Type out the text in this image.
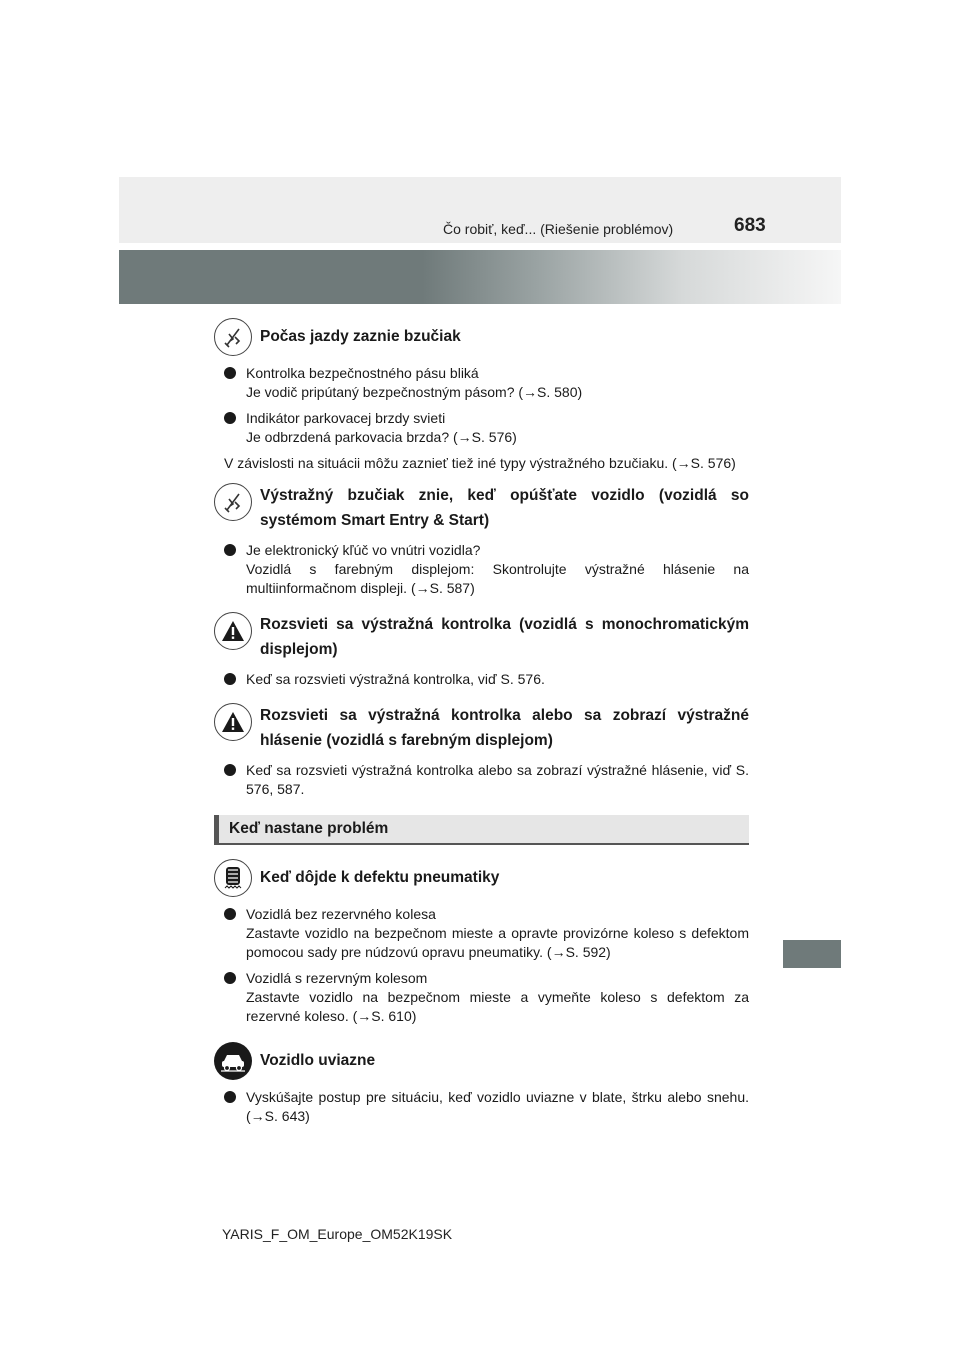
Čo robiť, keď... (Riešenie problémov)	683
Počas jazdy zaznie bzučiak
Kontrolka bezpečnostného pásu bliká
Je vodič pripútaný bezpečnostným pásom? (→S. 580)
Indikátor parkovacej brzdy svieti
Je odbrzdená parkovacia brzda? (→S. 576)
V závislosti na situácii môžu zaznieť tiež iné typy výstražného bzučiaku. (→S. 576)
Výstražný bzučiak znie, keď opúšťate vozidlo (vozidlá so systémom Smart Entry & Start)
Je elektronický kľúč vo vnútri vozidla?
Vozidlá s farebným displejom: Skontrolujte výstražné hlásenie na multiinformačnom displeji. (→S. 587)
Rozsvieti sa výstražná kontrolka (vozidlá s monochromatickým displejom)
Keď sa rozsvieti výstražná kontrolka, viď S. 576.
Rozsvieti sa výstražná kontrolka alebo sa zobrazí výstražné hlásenie (vozidlá s farebným displejom)
Keď sa rozsvieti výstražná kontrolka alebo sa zobrazí výstražné hlásenie, viď S. 576, 587.
Keď nastane problém
Keď dôjde k defektu pneumatiky
Vozidlá bez rezervného kolesa
Zastavte vozidlo na bezpečnom mieste a opravte provizórne koleso s defektom pomocou sady pre núdzovú opravu pneumatiky. (→S. 592)
Vozidlá s rezervným kolesom
Zastavte vozidlo na bezpečnom mieste a vymeňte koleso s defektom za rezervné koleso. (→S. 610)
Vozidlo uviazne
Vyskúšajte postup pre situáciu, keď vozidlo uviazne v blate, štrku alebo snehu. (→S. 643)
YARIS_F_OM_Europe_OM52K19SK
